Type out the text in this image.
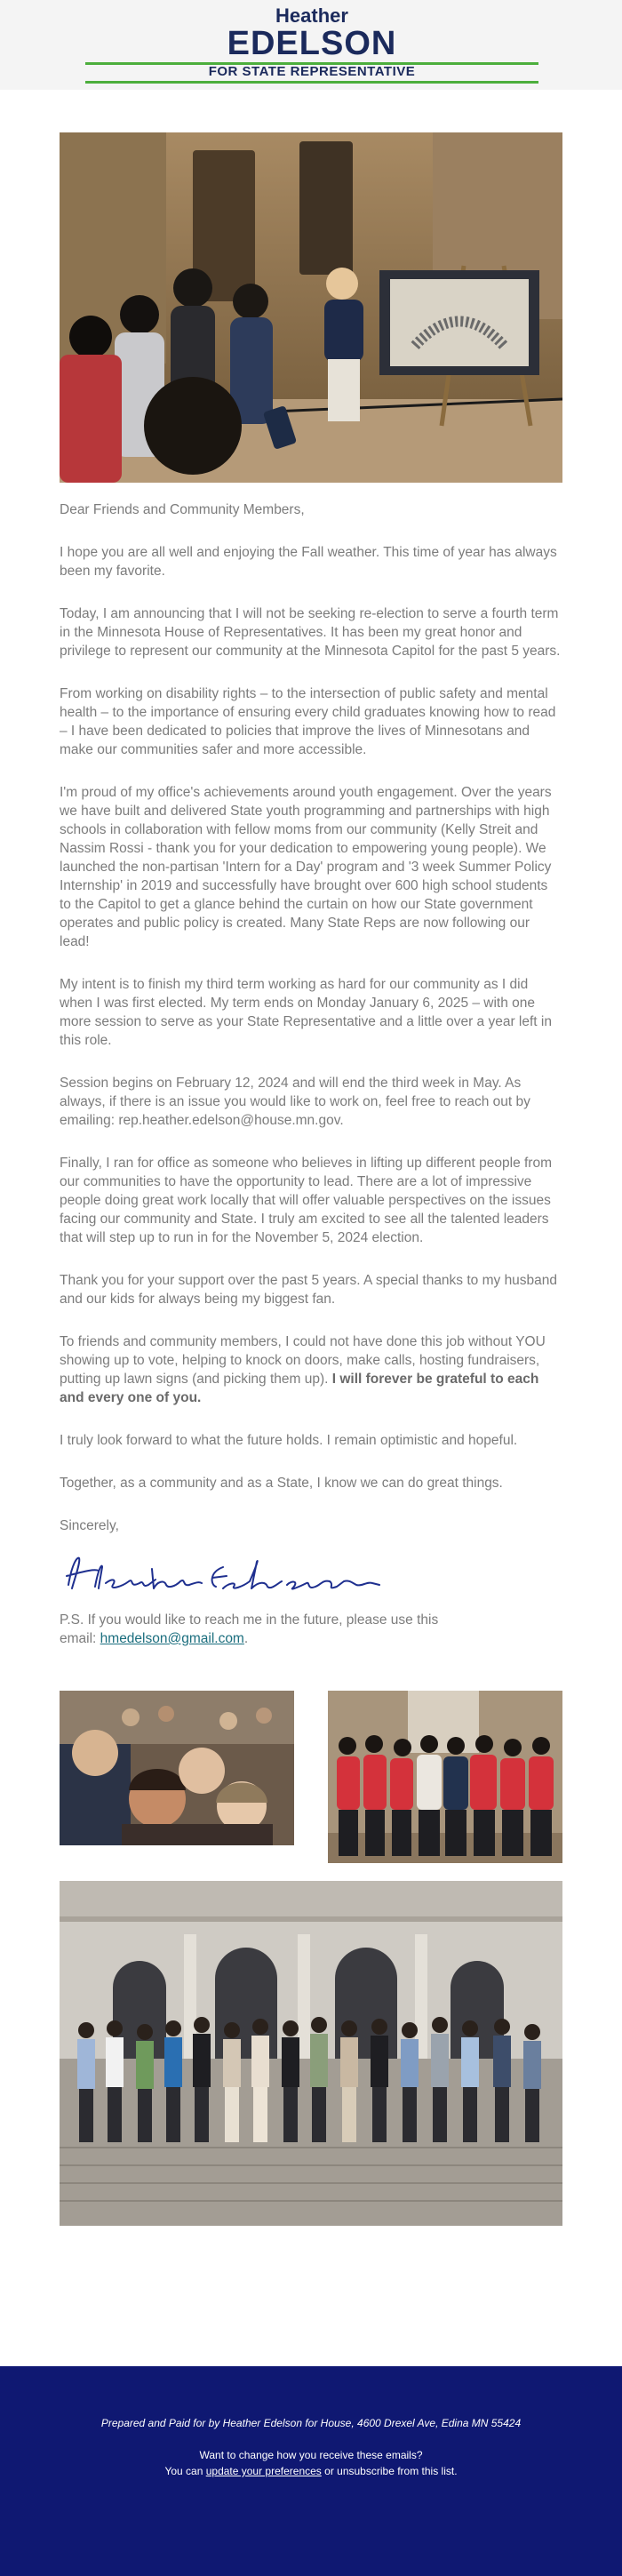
Heather
EDELSON
FOR STATE REPRESENTATIVE

Dear Friends and Community Members,

I hope you are all well and enjoying the Fall weather. This time of year has always been my favorite.

Today, I am announcing that I will not be seeking re-election to serve a fourth term in the Minnesota House of Representatives. It has been my great honor and privilege to represent our community at the Minnesota Capitol for the past 5 years.

From working on disability rights – to the intersection of public safety and mental health – to the importance of ensuring every child graduates knowing how to read – I have been dedicated to policies that improve the lives of Minnesotans and make our communities safer and more accessible.

I'm proud of my office's achievements around youth engagement. Over the years we have built and delivered State youth programming and partnerships with high schools in collaboration with fellow moms from our community (Kelly Streit and Nassim Rossi - thank you for your dedication to empowering young people). We launched the non-partisan 'Intern for a Day' program and '3 week Summer Policy Internship' in 2019 and successfully have brought over 600 high school students to the Capitol to get a glance behind the curtain on how our State government operates and public policy is created. Many State Reps are now following our lead!

My intent is to finish my third term working as hard for our community as I did when I was first elected. My term ends on Monday January 6, 2025 – with one more session to serve as your State Representative and a little over a year left in this role.

Session begins on February 12, 2024 and will end the third week in May. As always, if there is an issue you would like to work on, feel free to reach out by emailing: rep.heather.edelson@house.mn.gov.

Finally, I ran for office as someone who believes in lifting up different people from our communities to have the opportunity to lead. There are a lot of impressive people doing great work locally that will offer valuable perspectives on the issues facing our community and State. I truly am excited to see all the talented leaders that will step up to run in for the November 5, 2024 election.

Thank you for your support over the past 5 years. A special thanks to my husband and our kids for always being my biggest fan.

To friends and community members, I could not have done this job without YOU showing up to vote, helping to knock on doors, make calls, hosting fundraisers, putting up lawn signs (and picking them up). I will forever be grateful to each and every one of you.

I truly look forward to what the future holds. I remain optimistic and hopeful.

Together, as a community and as a State, I know we can do great things.

Sincerely,

P.S. If you would like to reach me in the future, please use this
email: hmedelson@gmail.com.
Prepared and Paid for by Heather Edelson for House, 4600 Drexel Ave, Edina MN 55424
Want to change how you receive these emails?
You can update your preferences or unsubscribe from this list.
